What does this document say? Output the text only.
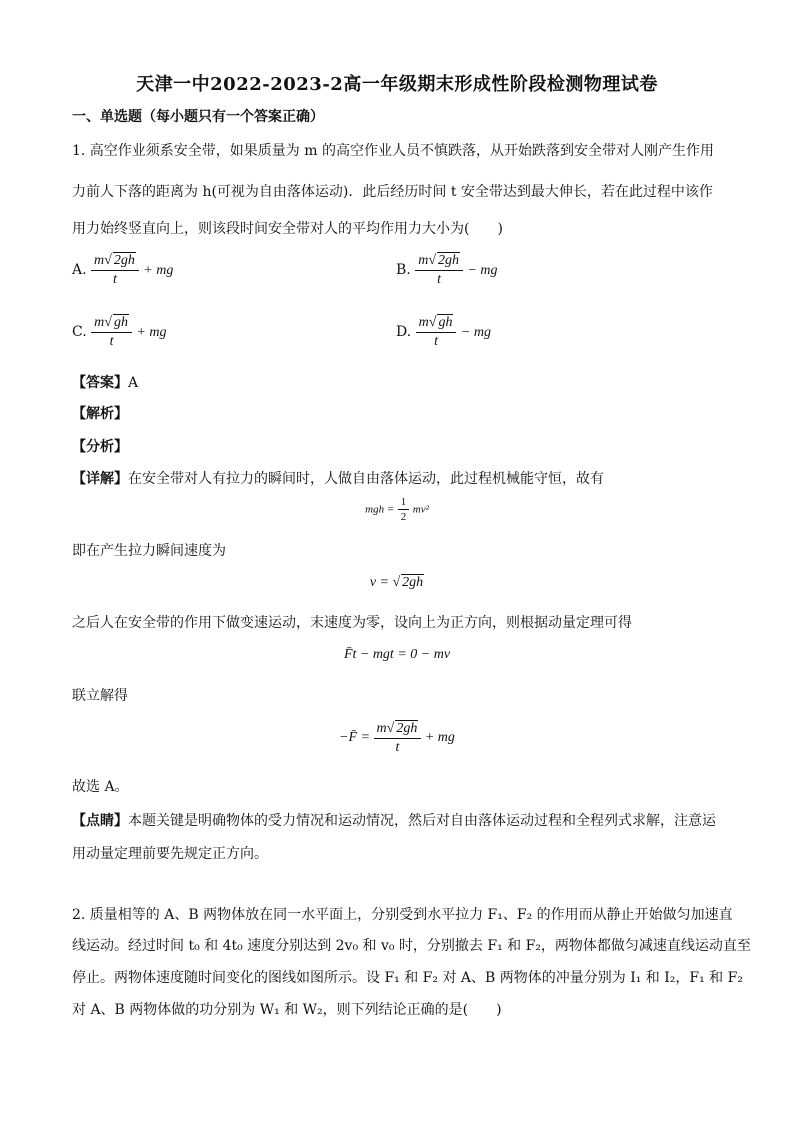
天津一中2022-2023-2高一年级期末形成性阶段检测物理试卷
一、单选题（每小题只有一个答案正确）
1. 高空作业须系安全带，如果质量为 m 的高空作业人员不慎跌落，从开始跌落到安全带对人刚产生作用
力前人下落的距离为 h(可视为自由落体运动)．此后经历时间 t 安全带达到最大伸长，若在此过程中该作
用力始终竖直向上，则该段时间安全带对人的平均作用力大小为(　　)
A. $\frac{m√ 2gh}{t}$ + mg	B. $\frac{m√ 2gh}{t}$ − mg
C. $\frac{m√ gh}{t}$ + mg	D. $\frac{m√ gh}{t}$ − mg
【答案】A
【解析】
【分析】
【详解】在安全带对人有拉力的瞬间时，人做自由落体运动，此过程机械能守恒，故有
mgh = $\frac{1}{2} mv^2$
即在产生拉力瞬间速度为
v = √ 2gh
之后人在安全带的作用下做变速运动，末速度为零，设向上为正方向，则根据动量定理可得
F̄t − mgt = 0 − mv
联立解得
−F̄ = $\frac{m√ 2gh}{t}$ + mg
故选 A。
【点睛】本题关键是明确物体的受力情况和运动情况，然后对自由落体运动过程和全程列式求解，注意运
用动量定理前要先规定正方向。
2. 质量相等的 A、B 两物体放在同一水平面上，分别受到水平拉力 F₁、F₂ 的作用而从静止开始做匀加速直
线运动。经过时间 t₀ 和 4t₀ 速度分别达到 2v₀ 和 v₀ 时，分别撤去 F₁ 和 F₂，两物体都做匀减速直线运动直至
停止。两物体速度随时间变化的图线如图所示。设 F₁ 和 F₂ 对 A、B 两物体的冲量分别为 I₁ 和 I₂，F₁ 和 F₂
对 A、B 两物体做的功分别为 W₁ 和 W₂，则下列结论正确的是(　　)
